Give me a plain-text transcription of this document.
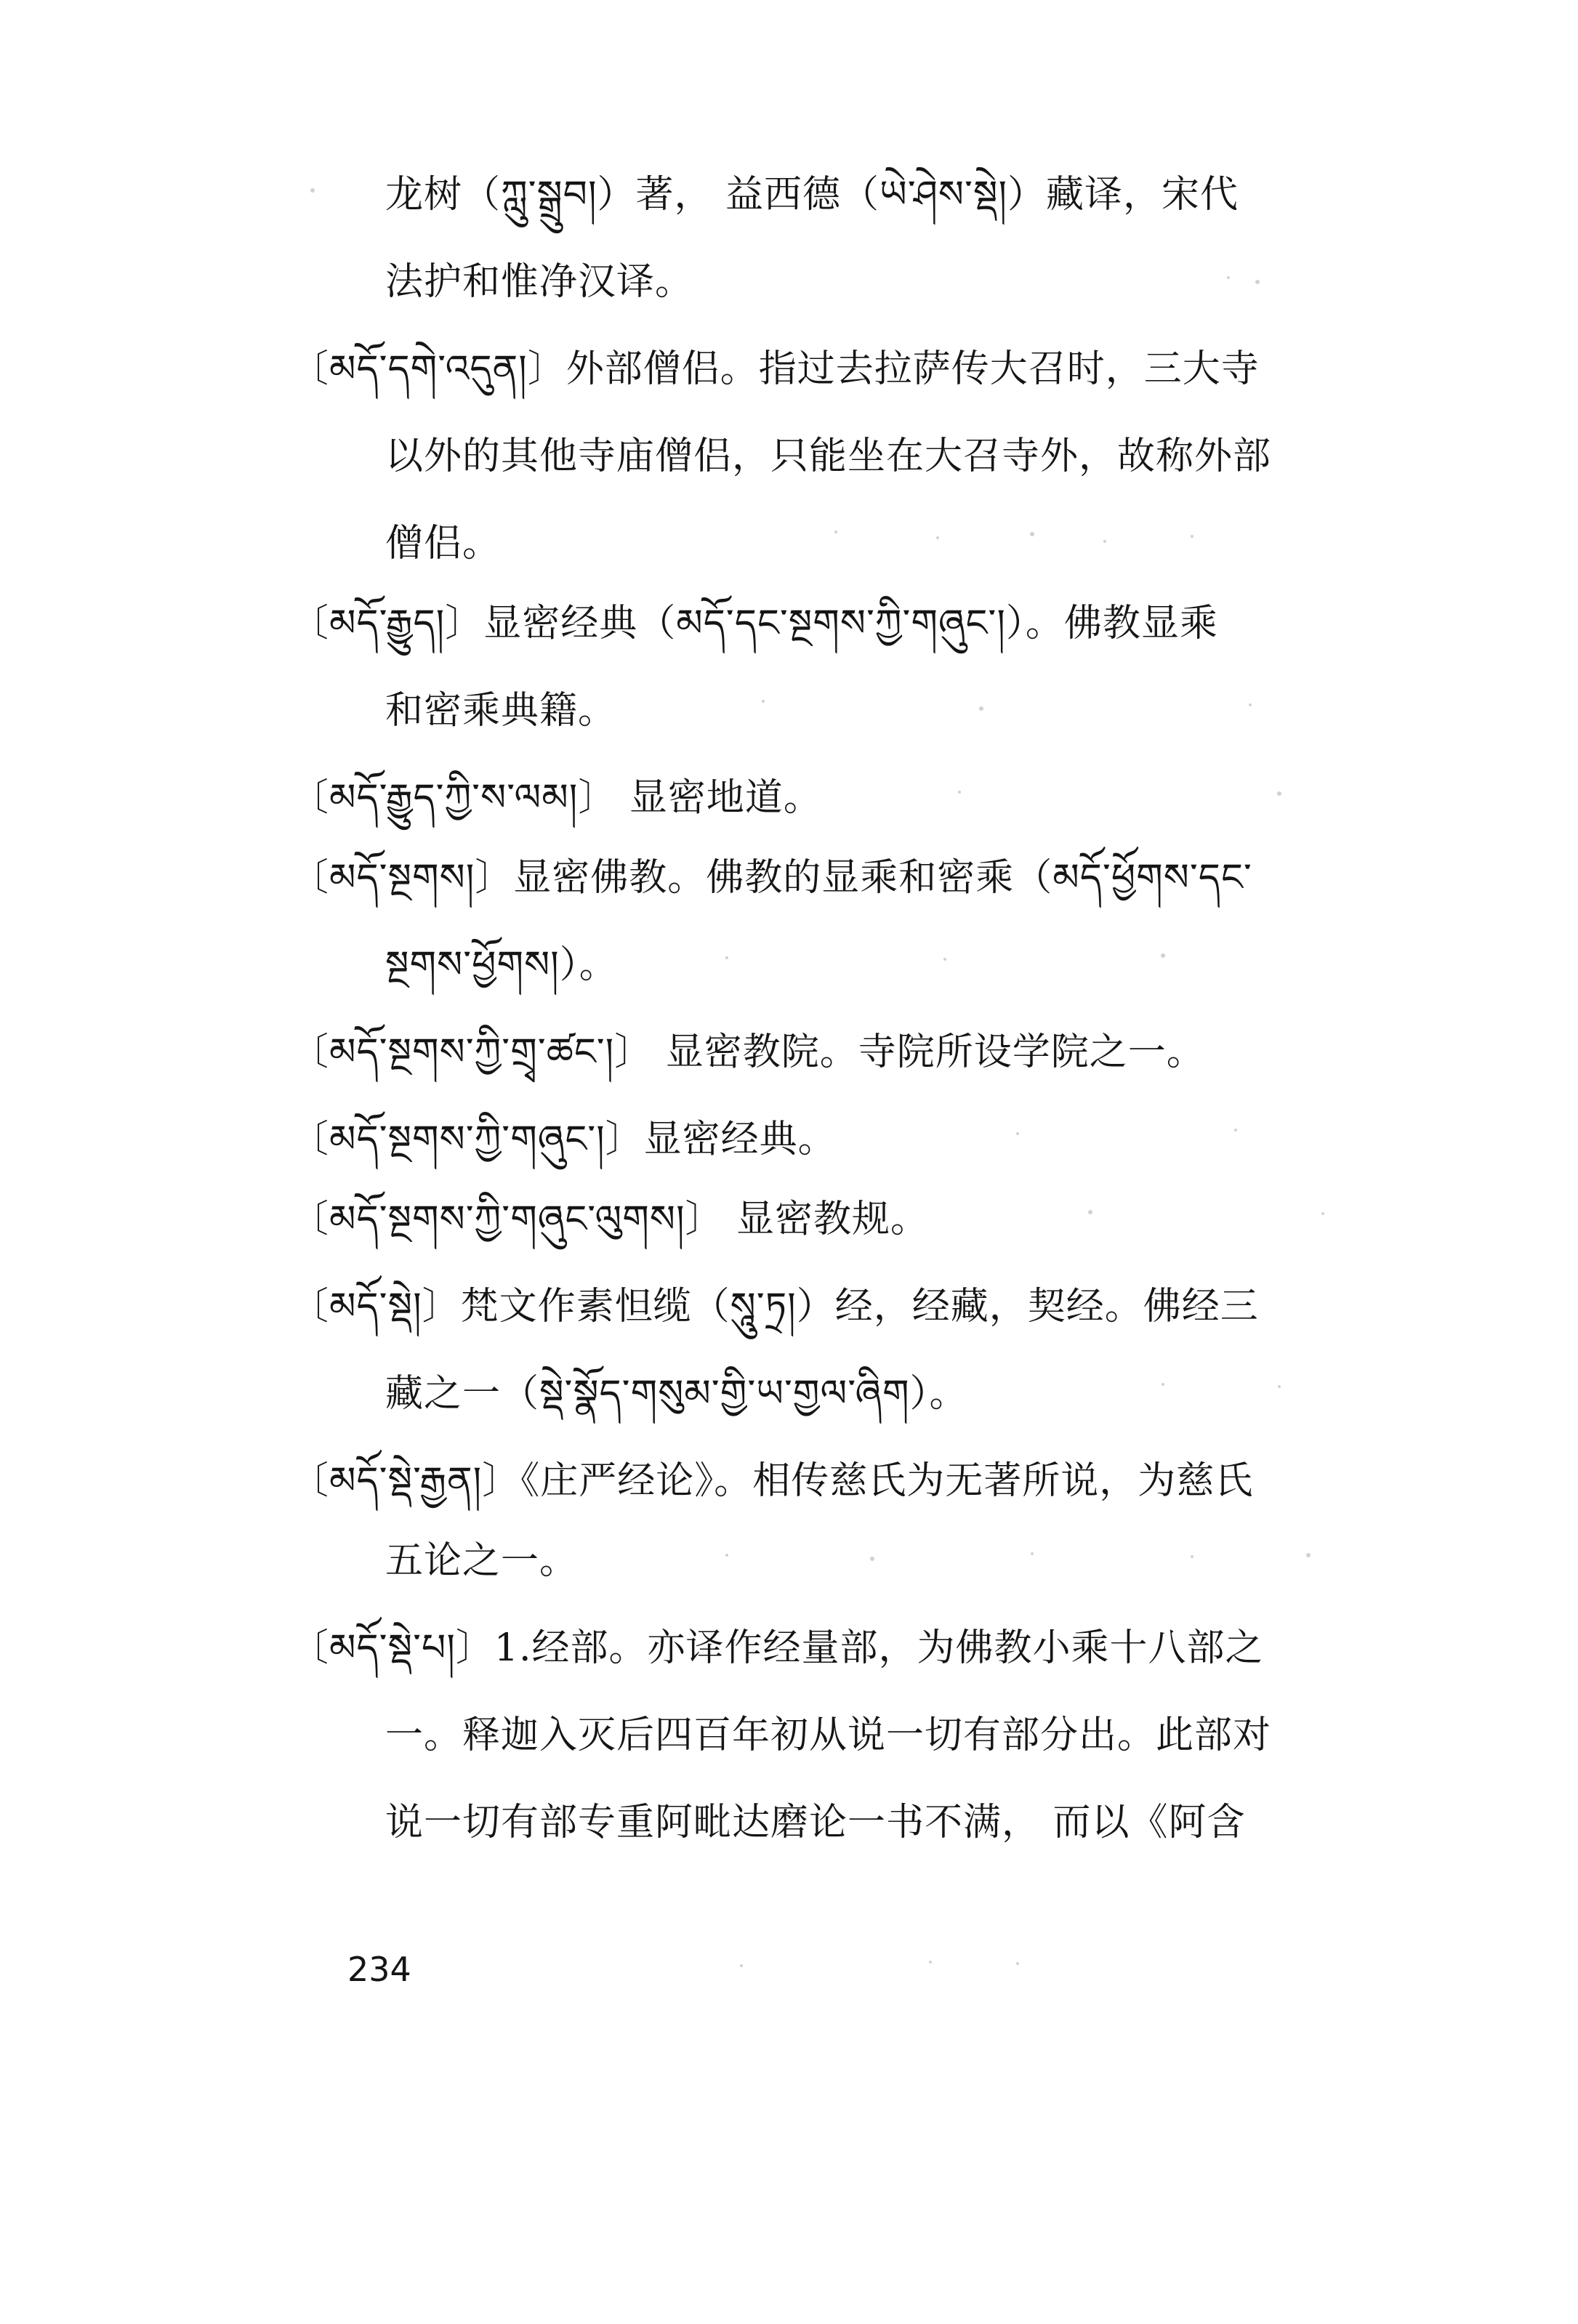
龙树（ཀླུ་སྒྲུབ།）著， 益西德（ཡེ་ཤེས་སྡེ།）藏译，宋代
法护和惟净汉译。
〔མདོ་དགེ་འདུན།〕外部僧侣。指过去拉萨传大召时，三大寺
以外的其他寺庙僧侣，只能坐在大召寺外，故称外部
僧侣。
〔མདོ་རྒྱུད།〕显密经典（མདོ་དང་སྔགས་ཀྱི་གཞུང་།）。佛教显乘
和密乘典籍。
〔མདོ་རྒྱུད་ཀྱི་ས་ལམ།〕 显密地道。
〔མདོ་སྔགས།〕显密佛教。佛教的显乘和密乘（མདོ་ཕྱོགས་དང་
སྔགས་ཕྱོགས།）。
〔མདོ་སྔགས་ཀྱི་གྲྭ་ཚང་།〕 显密教院。寺院所设学院之一。
〔མདོ་སྔགས་ཀྱི་གཞུང་།〕显密经典。
〔མདོ་སྔགས་ཀྱི་གཞུང་ལུགས།〕 显密教规。
〔མདོ་སྡེ།〕梵文作素怛缆（སཱུ་ཏྲ།）经，经藏，契经。佛经三
藏之一（སྡེ་སྣོད་གསུམ་གྱི་ཡ་གྱལ་ཞིག）。
〔མདོ་སྡེ་རྒྱན།〕《庄严经论》。相传慈氏为无著所说，为慈氏
五论之一。
〔མདོ་སྡེ་པ།〕1.经部。亦译作经量部，为佛教小乘十八部之
一。释迦入灭后四百年初从说一切有部分出。此部对
说一切有部专重阿毗达磨论一书不满， 而以《阿含
234
